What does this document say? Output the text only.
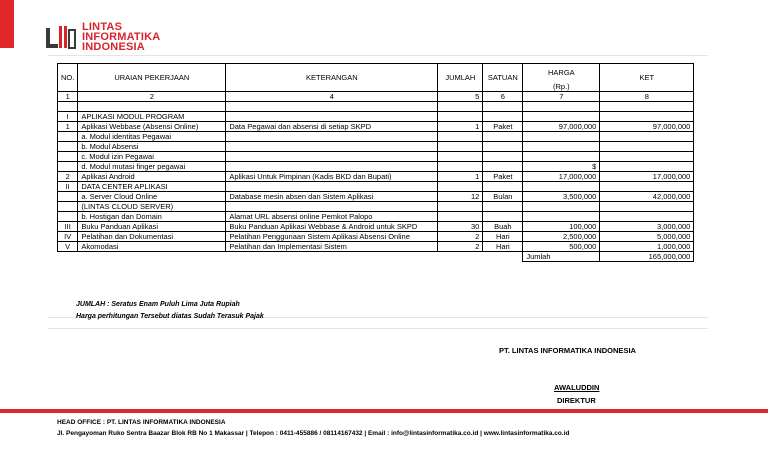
LINTAS
INFORMATIKA
INDONESIA
NO.	URAIAN PEKERJAAN	KETERANGAN	JUMLAH	SATUAN	HARGA	KET
					(Rp.)	
1	2	4	5	6	7	8

I	APLIKASI MODUL PROGRAM					
1	Aplikasi Webbase (Absensi Online)	Data Pegawai dan absensi di setiap SKPD	1	Paket	97,000,000	97,000,000
	a. Modul identitas Pegawai					
	b. Modul Absensi					
	c. Modul izin Pegawai					
	d. Modul mutasi finger pegawai				$	
2	Aplikasi Android	Aplikasi Untuk Pimpinan (Kadis BKD dan Bupati)	1	Paket	17,000,000	17,000,000
II	DATA CENTER APLIKASI					
	a. Server Cloud Online	Database mesin absen dan Sistem Aplikasi	12	Bulan	3,500,000	42,000,000
	(LINTAS CLOUD SERVER)					
	b. Hostigan dan Domain	Alamat URL absensi online Pemkot Palopo				
III	Buku Panduan Aplikasi	Buku Panduan Aplikasi Webbase & Android untuk SKPD	30	Buah	100,000	3,000,000
IV	Pelatihan dan Dokumentasi	Pelatihan Penggunaan Sistem Aplikasi Absensi Online	2	Hari	2,500,000	5,000,000
V	Akomodasi	Pelatihan dan Implementasi Sistem	2	Hari	500,000	1,000,000
					Jumlah	165,000,000
JUMLAH : Seratus Enam Puluh Lima Juta Rupiah
Harga perhitungan Tersebut diatas Sudah Terasuk Pajak
PT. LINTAS INFORMATIKA INDONESIA
AWALUDDIN
DIREKTUR
HEAD OFFICE : PT. LINTAS INFORMATIKA INDONESIA
Jl. Pengayoman Ruko Sentra Baazar Blok RB No 1 Makassar | Telepon : 0411-455886 / 08114167432 | Email : info@lintasinformatika.co.id | www.lintasinformatika.co.id
